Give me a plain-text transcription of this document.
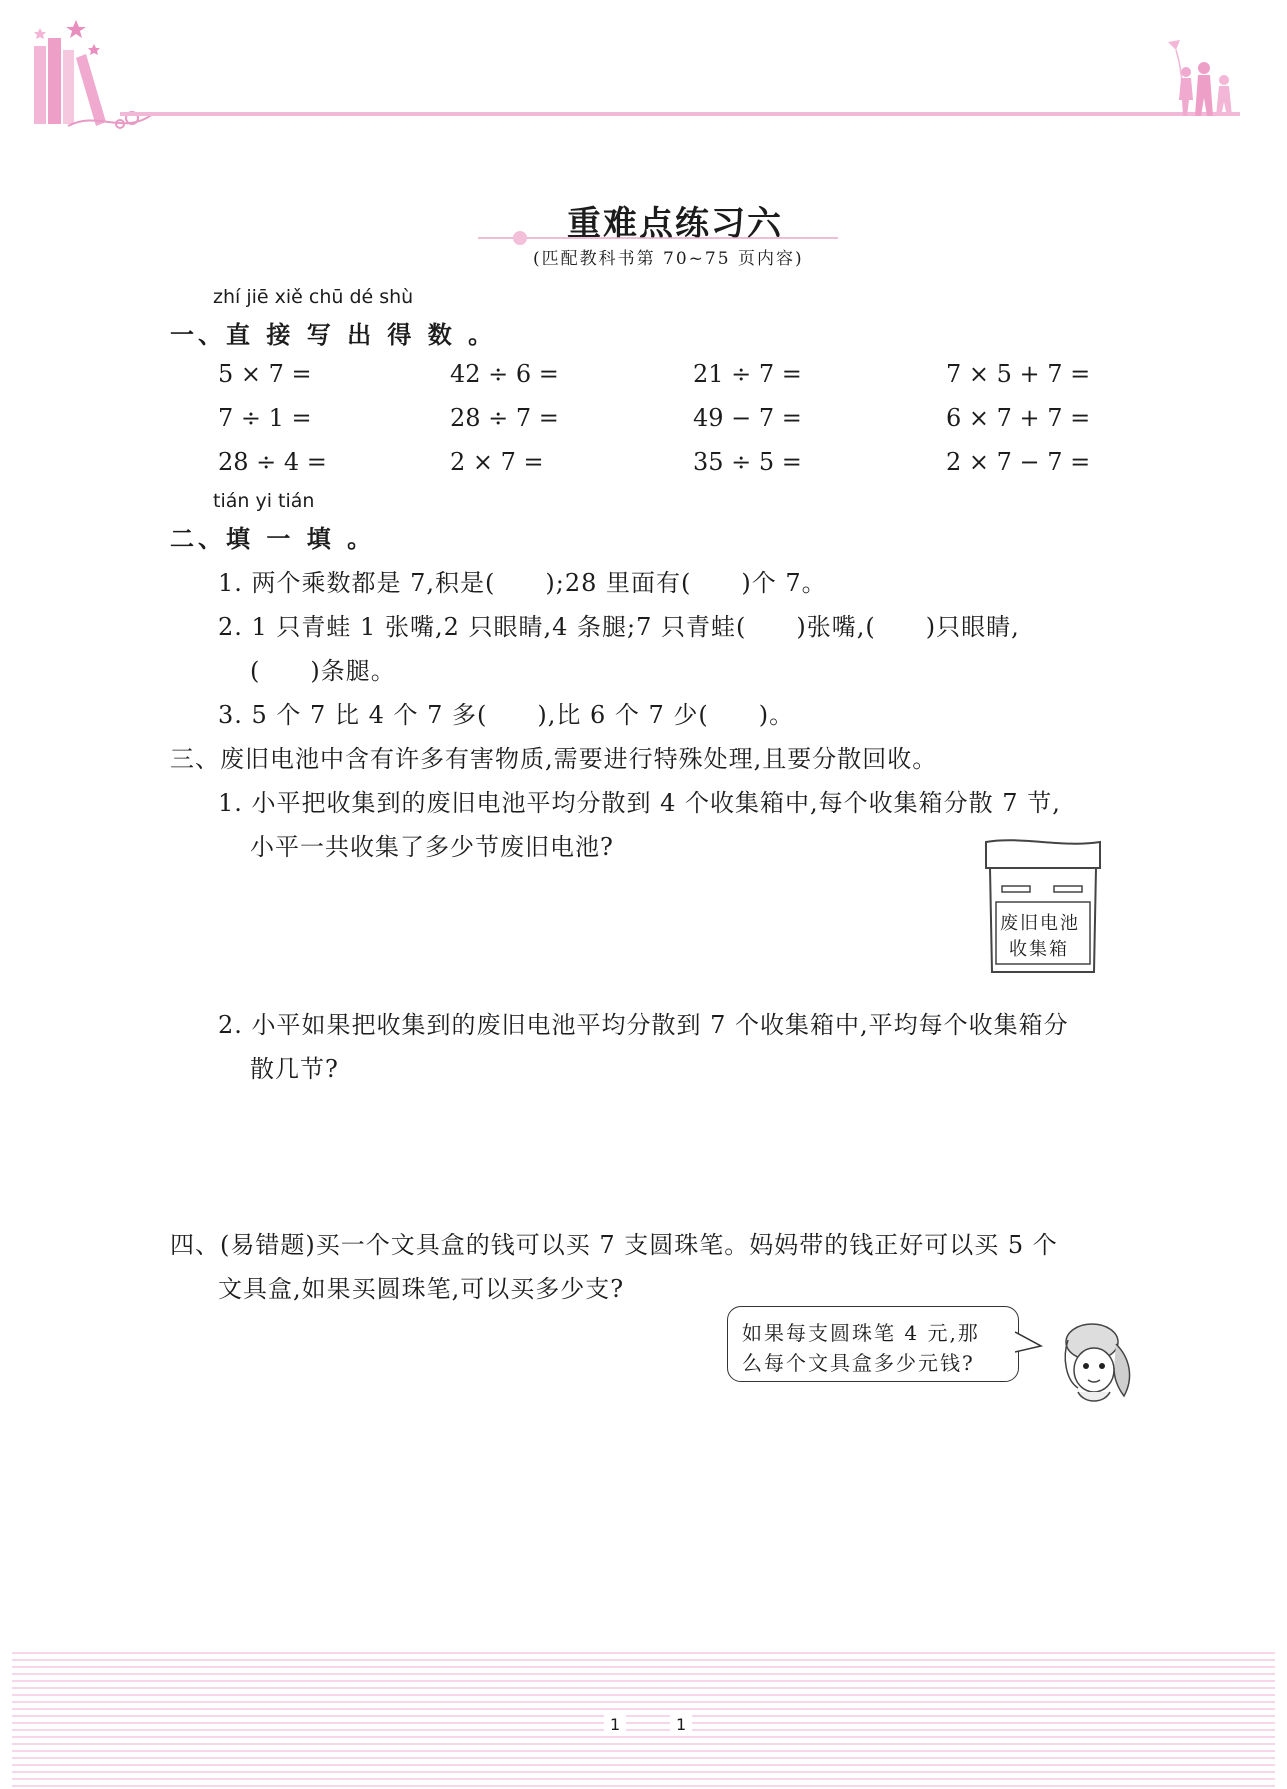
重难点练习六
(匹配教科书第 70~75 页内容)
zhí jiē xiě chū dé shù
一、直 接 写 出 得 数 。
5 × 7 =	42 ÷ 6 =	21 ÷ 7 =	7 × 5 + 7 =
7 ÷ 1 =	28 ÷ 7 =	49 − 7 =	6 × 7 + 7 =
28 ÷ 4 =	2 × 7 =	35 ÷ 5 =	2 × 7 − 7 =
tián yi tián
二、填 一 填 。
1. 两个乘数都是 7,积是(　　);28 里面有(　　)个 7。
2. 1 只青蛙 1 张嘴,2 只眼睛,4 条腿;7 只青蛙(　　)张嘴,(　　)只眼睛,
(　　)条腿。
3. 5 个 7 比 4 个 7 多(　　),比 6 个 7 少(　　)。
三、废旧电池中含有许多有害物质,需要进行特殊处理,且要分散回收。
1. 小平把收集到的废旧电池平均分散到 4 个收集箱中,每个收集箱分散 7 节,
小平一共收集了多少节废旧电池?
废旧电池
收集箱
2. 小平如果把收集到的废旧电池平均分散到 7 个收集箱中,平均每个收集箱分
散几节?
四、(易错题)买一个文具盒的钱可以买 7 支圆珠笔。妈妈带的钱正好可以买 5 个
文具盒,如果买圆珠笔,可以买多少支?
如果每支圆珠笔 4 元,那
么每个文具盒多少元钱?
1	1
